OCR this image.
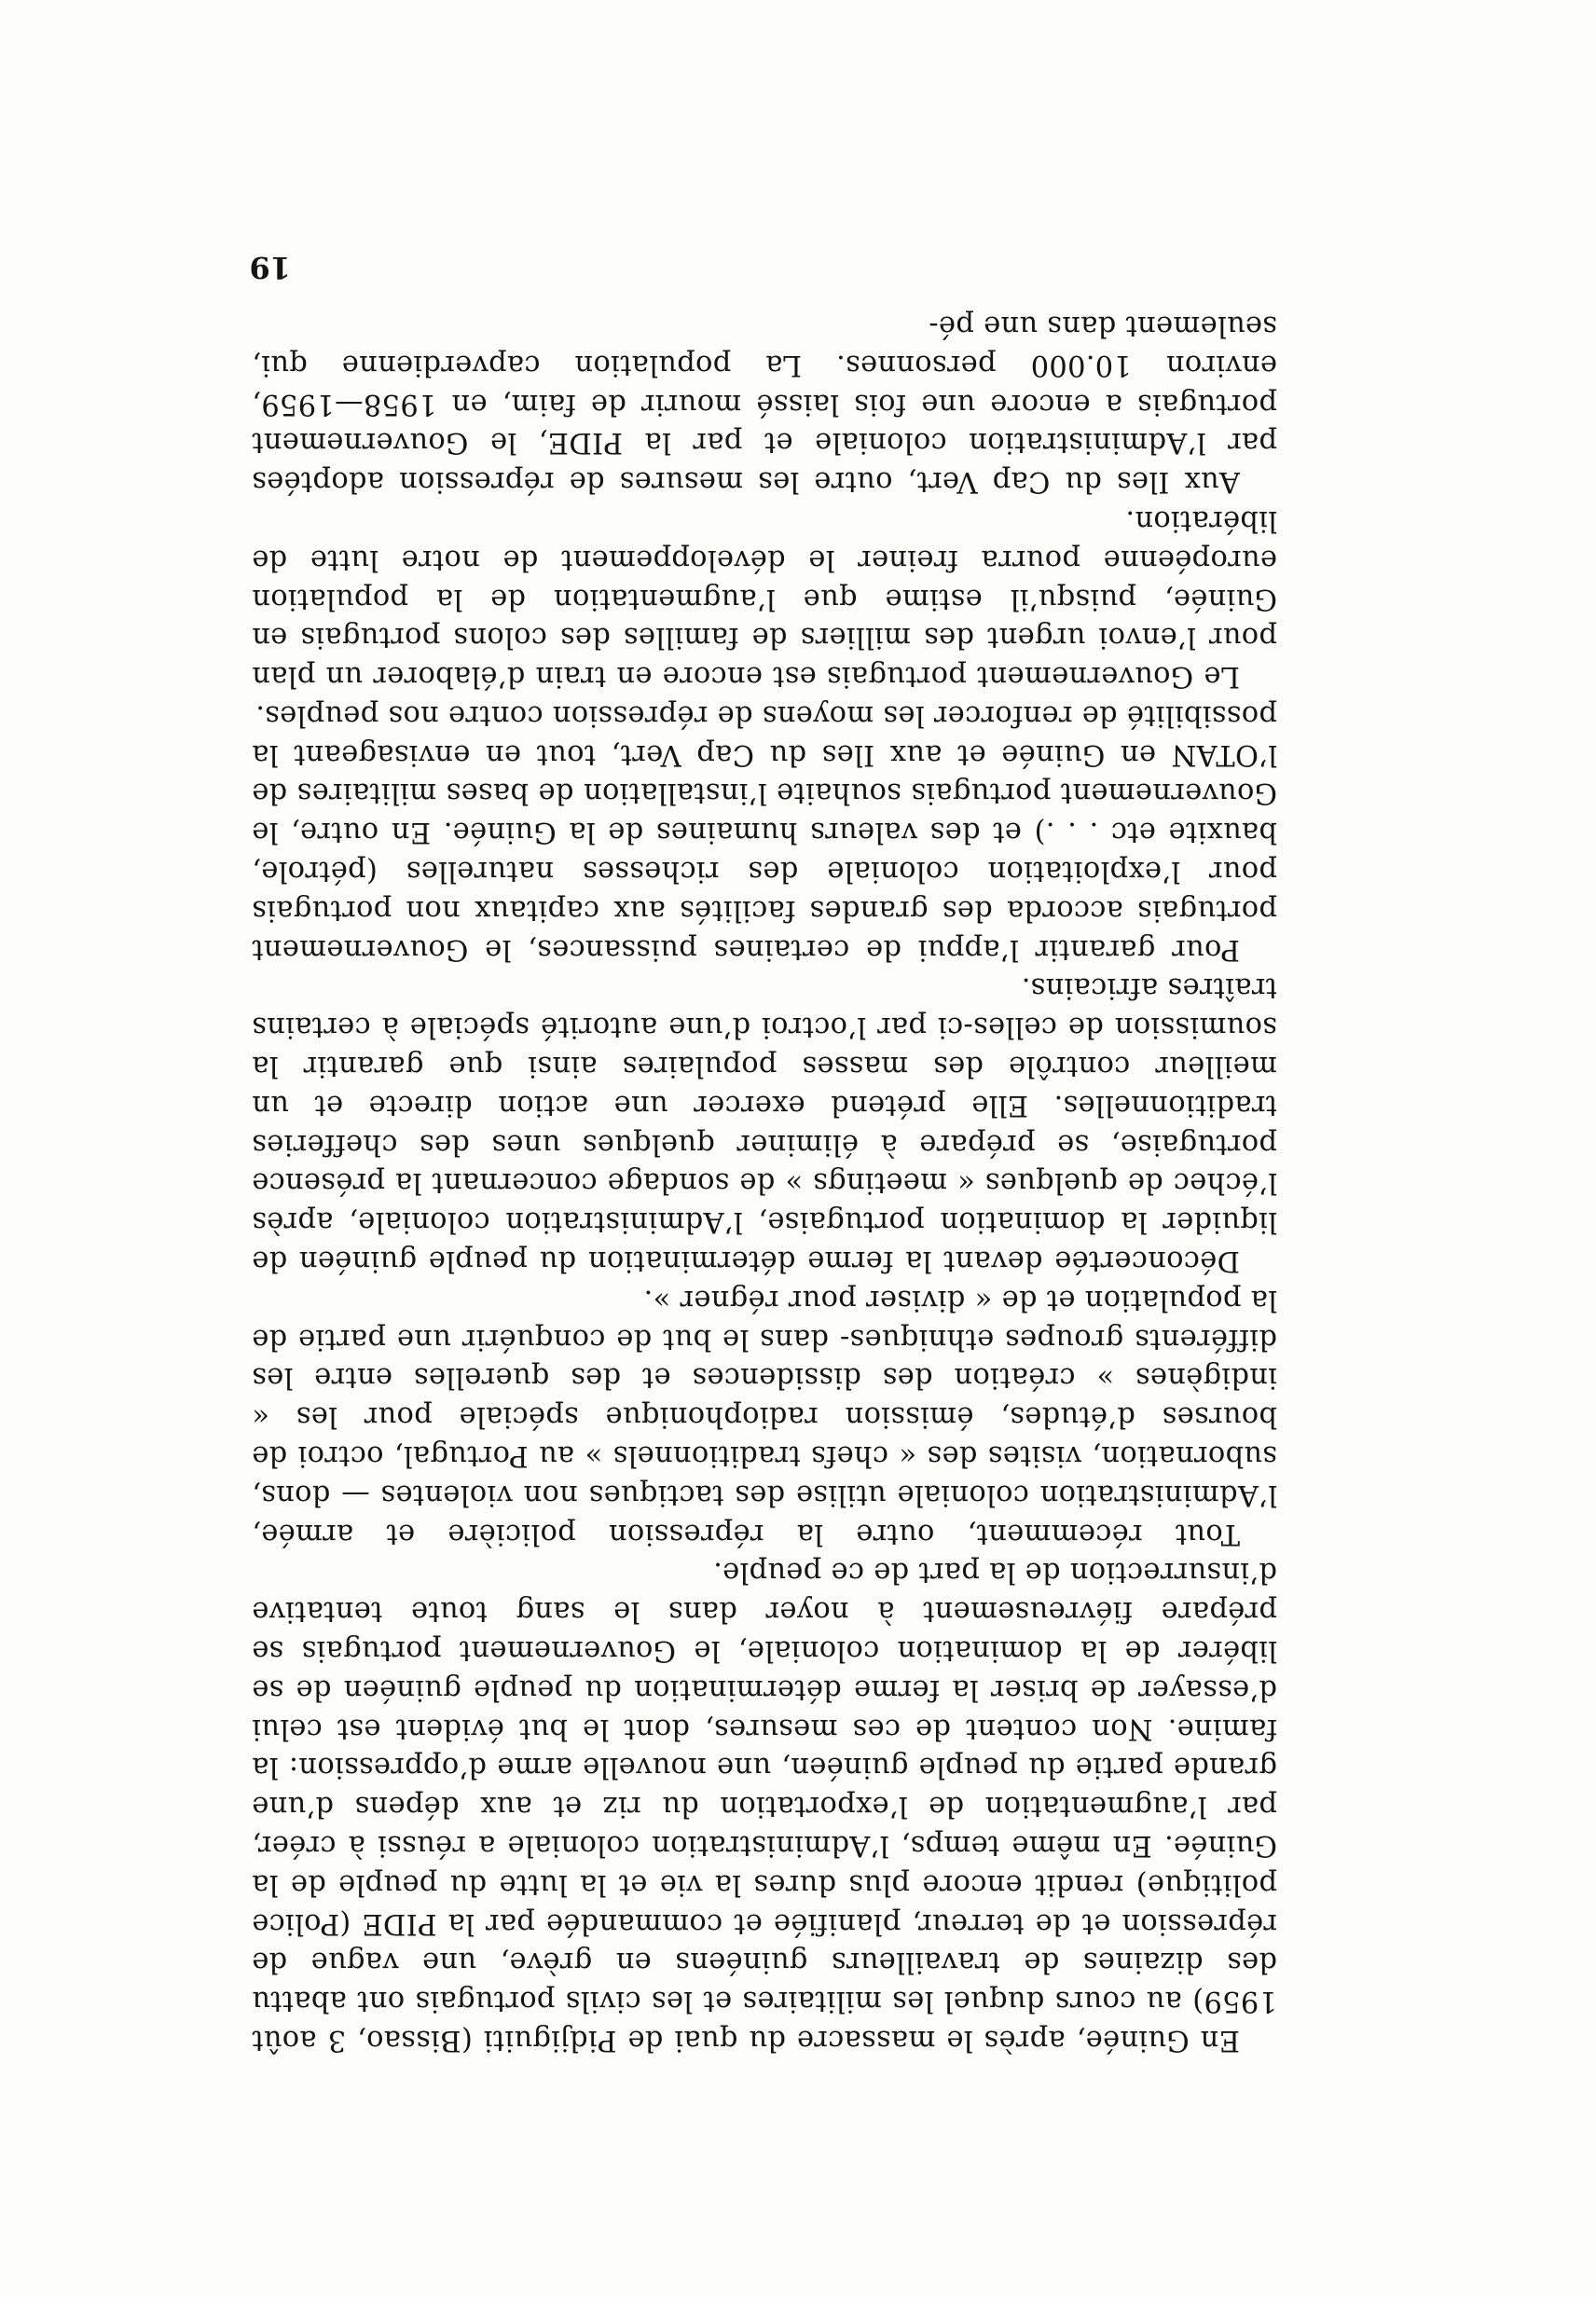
En Guinée, après le massacre du quai de Pidjiguiti (Bissao, 3 août 1959) au cours duquel les militaires et les civils portugais ont abattu des dizaines de travailleurs guinéens en grève, une vague de répression et de terreur, planifiée et commandée par la PIDE (Police politique) rendit encore plus dures la vie et la lutte du peuple de la Guinée. En même temps, l’Administration coloniale a réussi à créer, par l’augmentation de l’exportation du riz et aux dépens d’une grande partie du peuple guinéen, une nouvelle arme d’oppression: la famine. Non content de ces mesures, dont le but évident est celui d’essayer de briser la ferme détermination du peuple guinéen de se libérer de la domination coloniale, le Gouvernement portugais se prépare fiévreusement à noyer dans le sang toute tentative d’insurrection de la part de ce peuple.

Tout récemment, outre la répression policière et armée, l’Administration coloniale utilise des tactiques non violentes — dons, subornation, visites des « chefs traditionnels » au Portugal, octroi de bourses d’études, émission radiophonique spéciale pour les « indigènes » création des dissidences et des querelles entre les différents groupes ethniques- dans le but de conquérir une partie de la population et de « diviser pour régner ».

Déconcertée devant la ferme détermination du peuple guinéen de liquider la domination portugaise, l’Administration coloniale, après l’échec de quelques « meetings » de sondage concernant la présence portugaise, se prépare à éliminer quelques unes des chefferies traditionnelles. Elle prétend exercer une action directe et un meilleur contrôle des masses populaires ainsi que garantir la soumission de celles-ci par l’octroi d’une autorité spéciale à certains traîtres africains.

Pour garantir l’appui de certaines puissances, le Gouvernement portugais accorda des grandes facilités aux capitaux non portugais pour l’exploitation coloniale des richesses naturelles (pétrole, bauxite etc . . .) et des valeurs humaines de la Guinée. En outre, le Gouvernement portugais souhaite l’installation de bases militaires de l’OTAN en Guinée et aux Iles du Cap Vert, tout en envisageant la possibilité de renforcer les moyens de répression contre nos peuples.

Le Gouvernement portugais est encore en train d’élaborer un plan pour l’envoi urgent des milliers de familles des colons portugais en Guinée, puisqu’il estime que l’augmentation de la population européenne pourra freiner le développement de notre lutte de libération.

Aux Iles du Cap Vert, outre les mesures de répression adoptées par l’Administration coloniale et par la PIDE, le Gouvernement portugais a encore une fois laissé mourir de faim, en 1958—1959, environ 10.000 personnes. La population capverdienne qui, seulement dans une pé-

19
